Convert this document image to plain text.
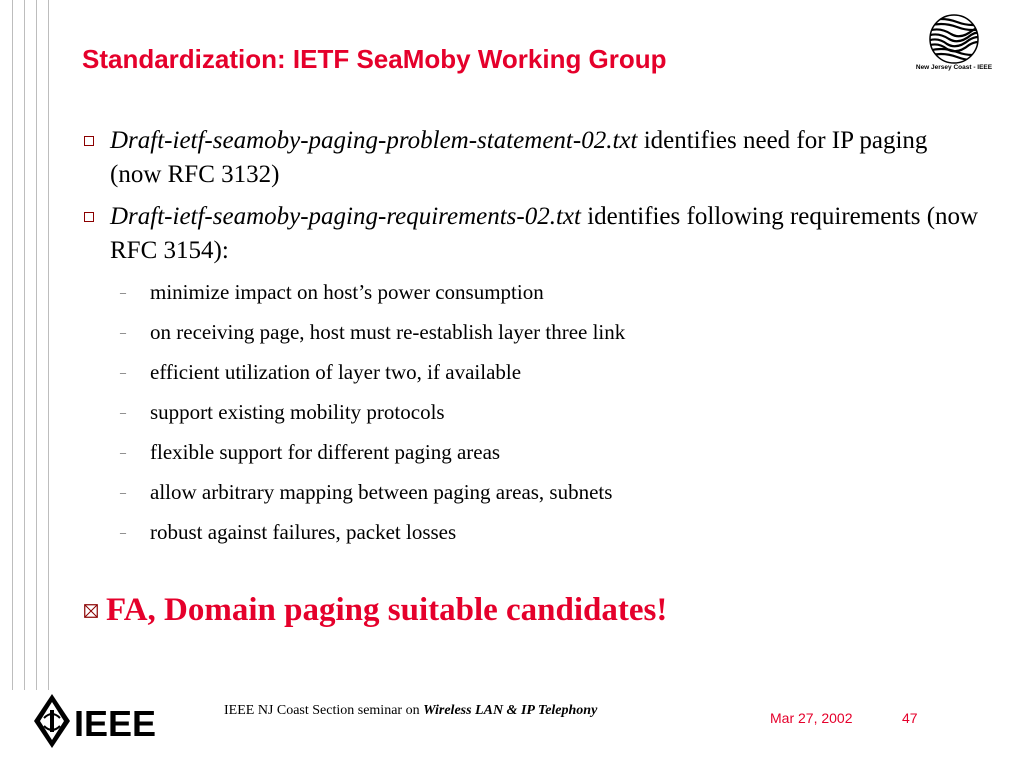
Standardization: IETF SeaMoby Working Group	New Jersey Coast - IEEE
Draft-ietf-seamoby-paging-problem-statement-02.txt identifies need for IP paging (now RFC 3132)
Draft-ietf-seamoby-paging-requirements-02.txt identifies following requirements (now RFC 3154):
– minimize impact on host’s power consumption
– on receiving page, host must re-establish layer three link
– efficient utilization of layer two, if available
– support existing mobility protocols
– flexible support for different paging areas
– allow arbitrary mapping between paging areas, subnets
– robust against failures, packet losses
FA, Domain paging suitable candidates!
IEEE	IEEE NJ Coast Section seminar on Wireless LAN & IP Telephony	Mar 27, 2002	47
